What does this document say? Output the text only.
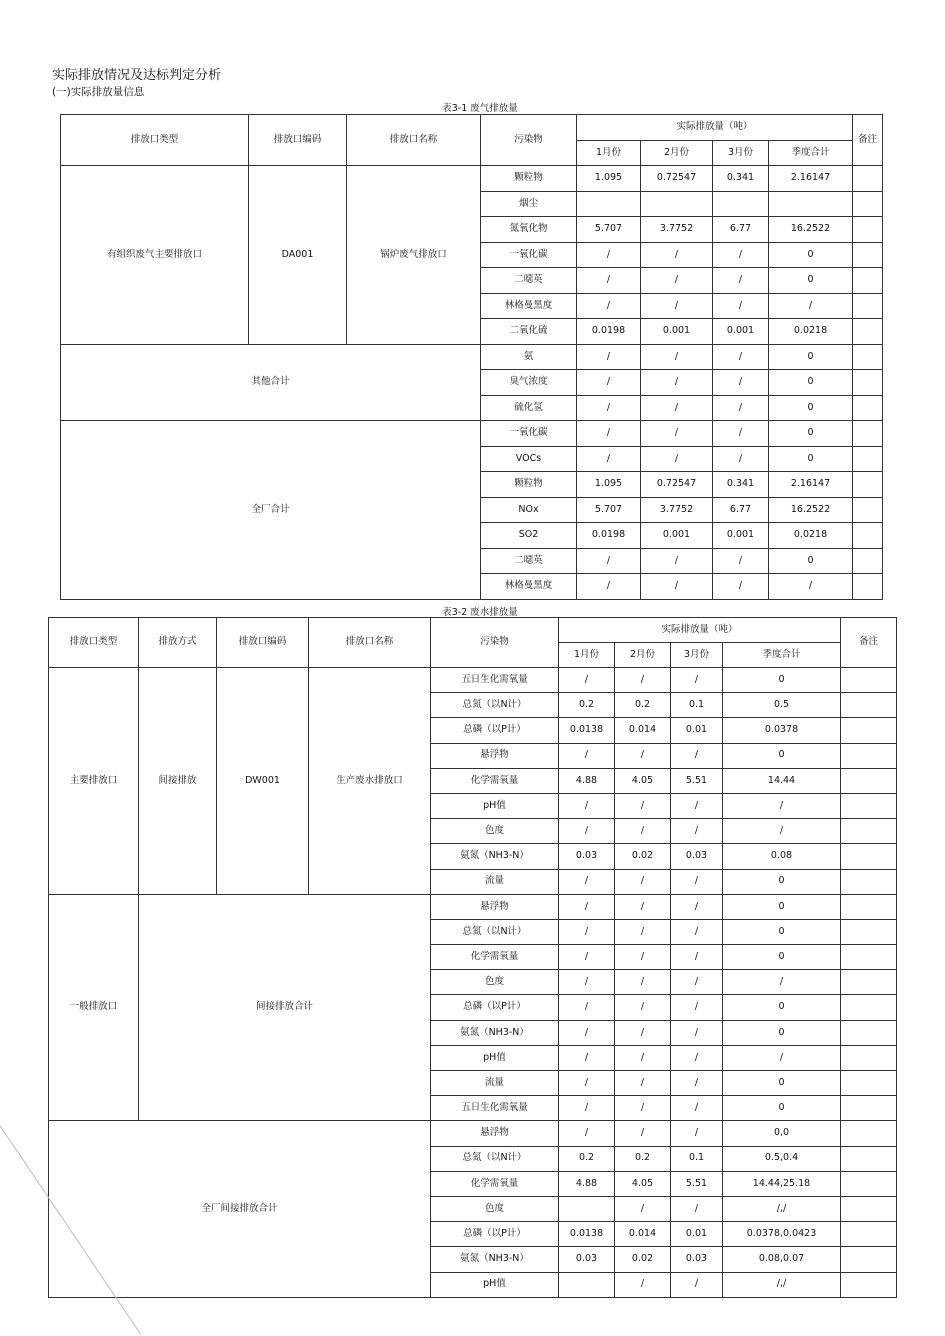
实际排放情况及达标判定分析
(一)实际排放量信息
表3-1 废气排放量
排放口类型	排放口编码	排放口名称	污染物	实际排放量（吨）				备注
				1月份	2月份	3月份	季度合计	
有组织废气主要排放口	DA001	锅炉废气排放口	颗粒物	1.095	0.72547	0.341	2.16147	
			烟尘					
			氮氧化物	5.707	3.7752	6.77	16.2522	
			一氧化碳	/	/	/	0	
			二噁英	/	/	/	0	
			林格曼黑度	/	/	/	/	
			二氧化硫	0.0198	0.001	0.001	0.0218	
其他合计			氨	/	/	/	0	
			臭气浓度	/	/	/	0	
			硫化氢	/	/	/	0	
全厂合计			一氧化碳	/	/	/	0	
			VOCs	/	/	/	0	
			颗粒物	1.095	0.72547	0.341	2.16147	
			NOx	5.707	3.7752	6.77	16.2522	
			SO2	0.0198	0.001	0.001	0.0218	
			二噁英	/	/	/	0	
			林格曼黑度	/	/	/	/	
表3-2 废水排放量
排放口类型	排放方式	排放口编码	排放口名称	污染物	实际排放量（吨）				备注
					1月份	2月份	3月份	季度合计	
主要排放口	间接排放	DW001	生产废水排放口	五日生化需氧量	/	/	/	0	
				总氮（以N计）	0.2	0.2	0.1	0.5	
				总磷（以P计）	0.0138	0.014	0.01	0.0378	
				悬浮物	/	/	/	0	
				化学需氧量	4.88	4.05	5.51	14.44	
				pH值	/	/	/	/	
				色度	/	/	/	/	
				氨氮（NH3-N）	0.03	0.02	0.03	0.08	
				流量	/	/	/	0	
一般排放口	间接排放合计			悬浮物	/	/	/	0	
				总氮（以N计）	/	/	/	0	
				化学需氧量	/	/	/	0	
				色度	/	/	/	/	
				总磷（以P计）	/	/	/	0	
				氨氮（NH3-N）	/	/	/	0	
				pH值	/	/	/	/	
				流量	/	/	/	0	
				五日生化需氧量	/	/	/	0	
全厂间接排放合计				悬浮物	/	/	/	0,0	
				总氮（以N计）	0.2	0.2	0.1	0.5,0.4	
				化学需氧量	4.88	4.05	5.51	14.44,25.18	
				色度		/	/	/,/	
				总磷（以P计）	0.0138	0.014	0.01	0.0378,0.0423	
				氨氮（NH3-N）	0.03	0.02	0.03	0.08,0.07	
				pH值		/	/	/,/	
